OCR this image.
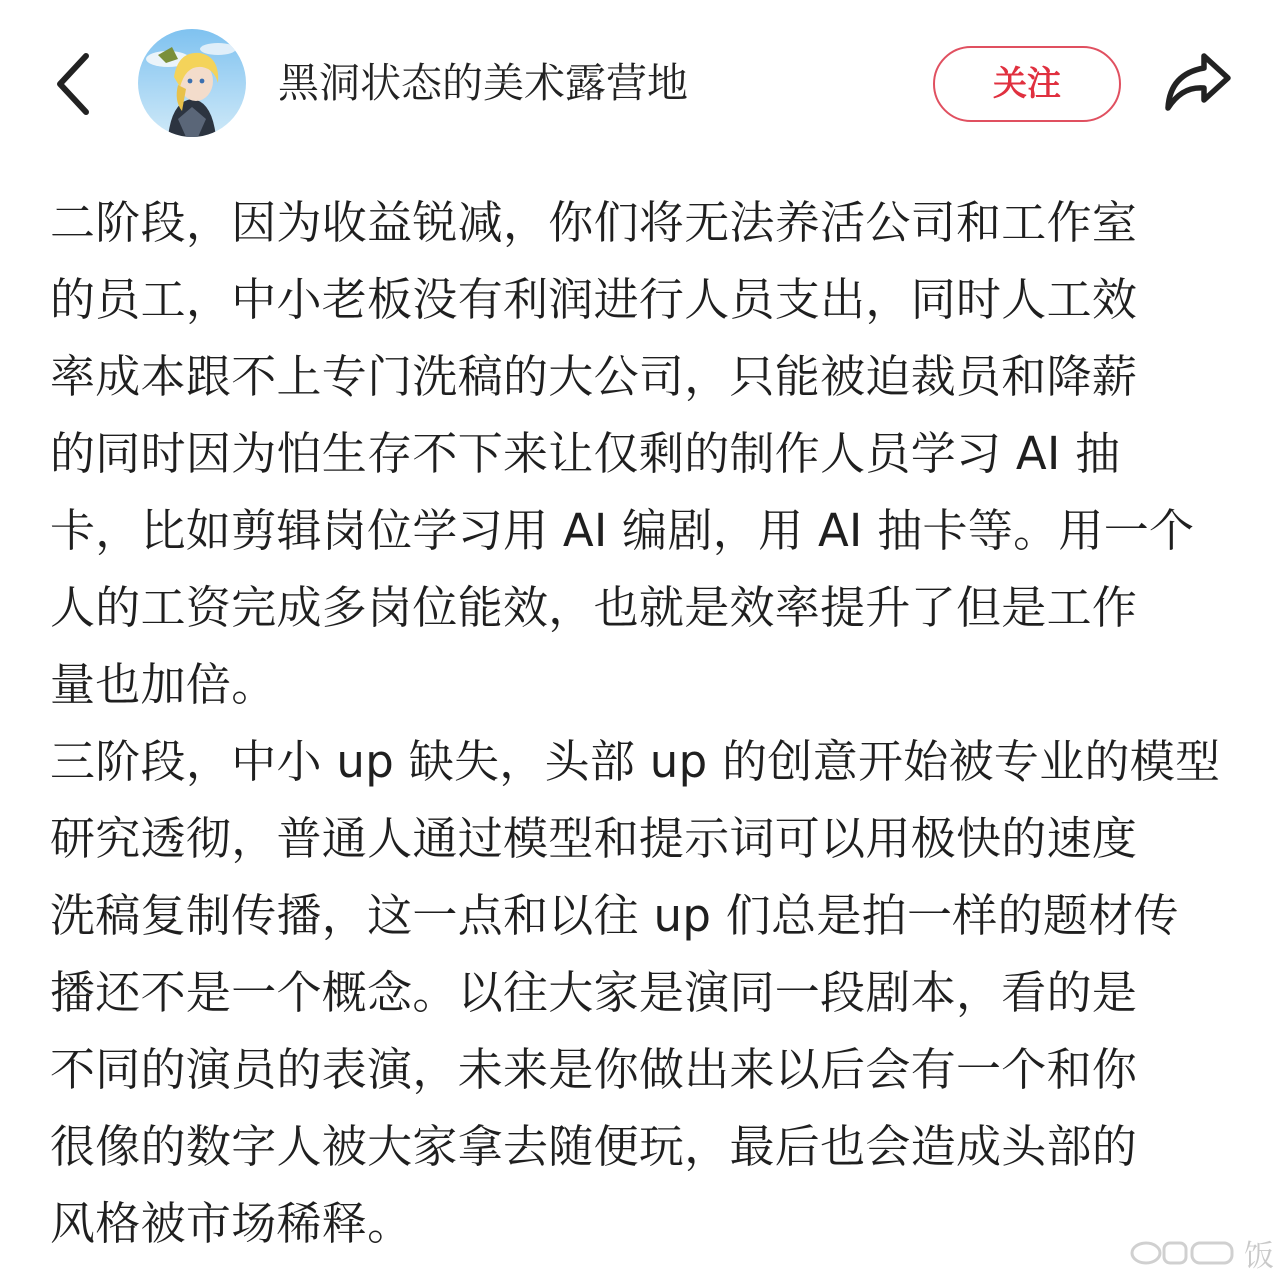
黑洞状态的美术露营地	关注

二阶段，因为收益锐减，你们将无法养活公司和工作室
的员工，中小老板没有利润进行人员支出，同时人工效
率成本跟不上专门洗稿的大公司，只能被迫裁员和降薪
的同时因为怕生存不下来让仅剩的制作人员学习 AI 抽
卡，比如剪辑岗位学习用 AI 编剧，用 AI 抽卡等。用一个
人的工资完成多岗位能效，也就是效率提升了但是工作
量也加倍。

三阶段，中小 up 缺失，头部 up 的创意开始被专业的模型
研究透彻，普通人通过模型和提示词可以用极快的速度
洗稿复制传播，这一点和以往 up 们总是拍一样的题材传
播还不是一个概念。以往大家是演同一段剧本，看的是
不同的演员的表演，未来是你做出来以后会有一个和你
很像的数字人被大家拿去随便玩，最后也会造成头部的
风格被市场稀释。

饭
